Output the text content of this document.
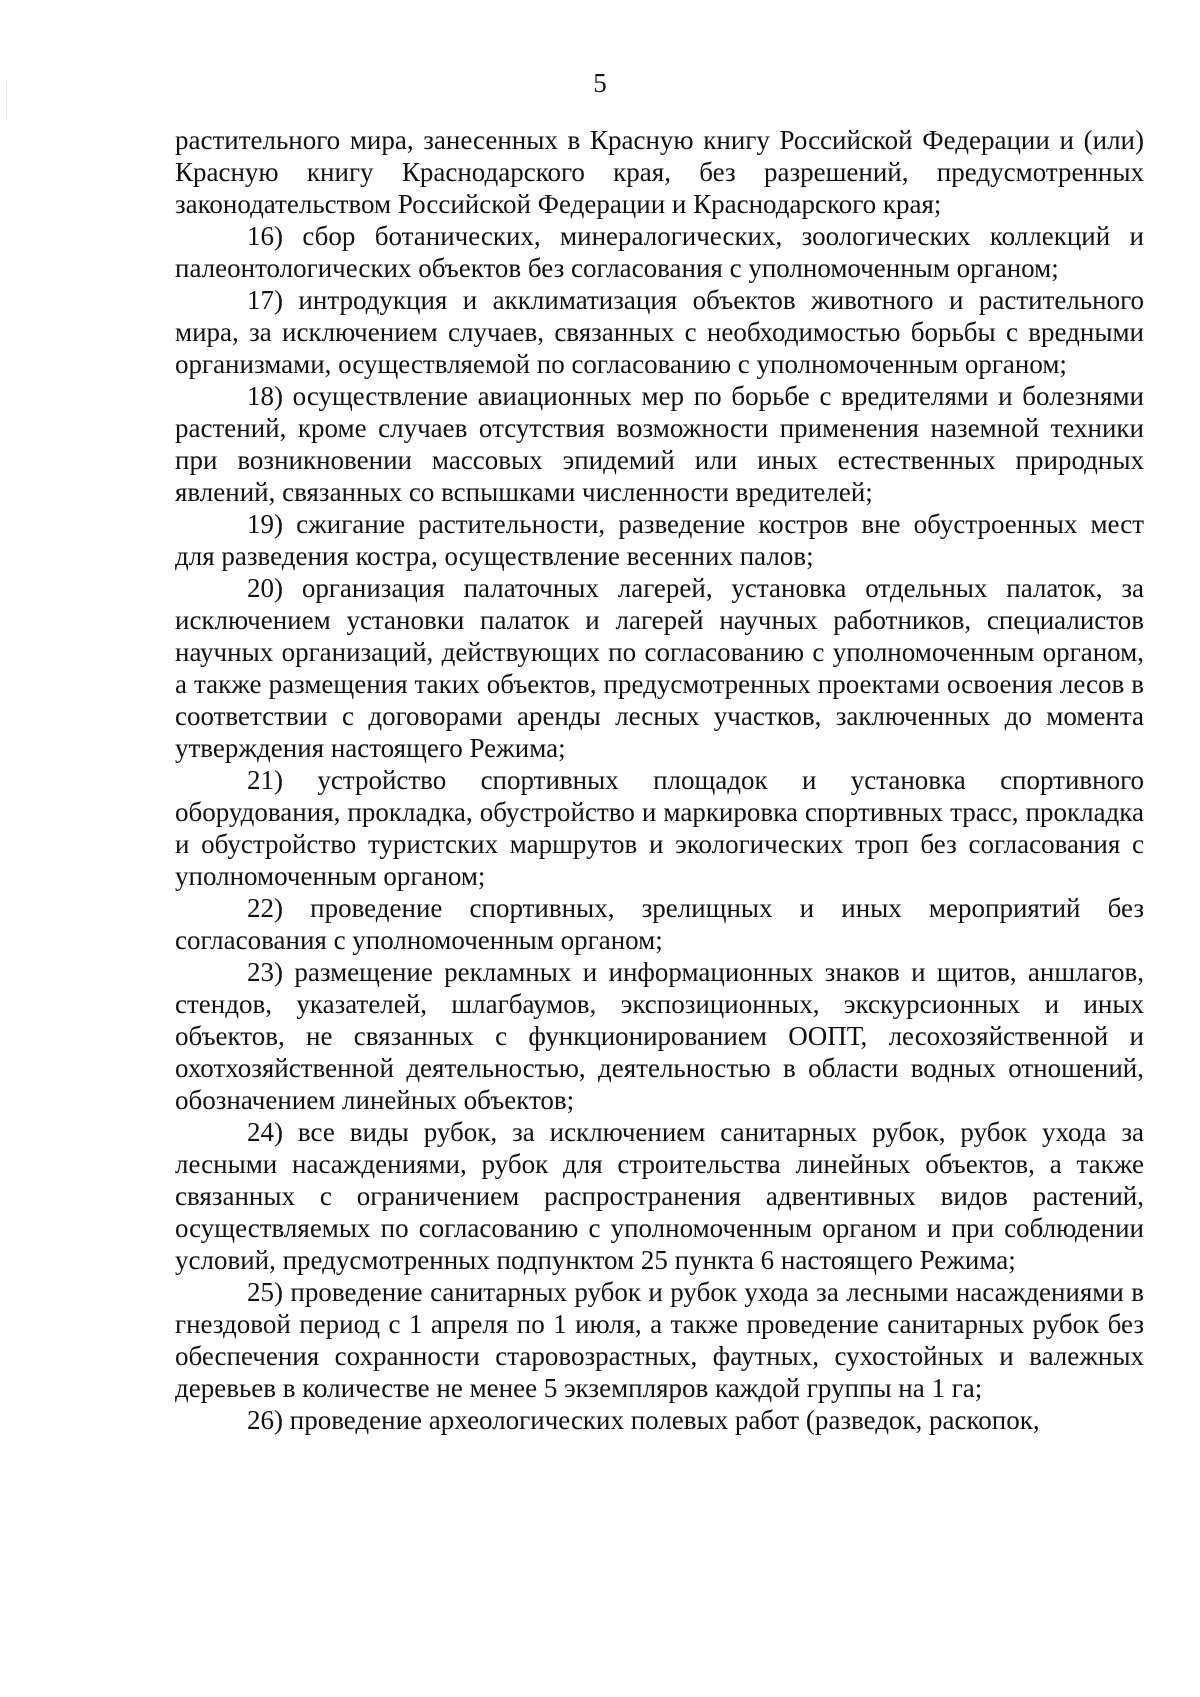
5

растительного мира, занесенных в Красную книгу Российской Федерации и (или) Красную книгу Краснодарского края, без разрешений, предусмотренных законодательством Российской Федерации и Краснодарского края;

16) сбор ботанических, минералогических, зоологических коллекций и палеонтологических объектов без согласования с уполномоченным органом;

17) интродукция и акклиматизация объектов животного и растительного мира, за исключением случаев, связанных с необходимостью борьбы с вредными организмами, осуществляемой по согласованию с уполномоченным органом;

18) осуществление авиационных мер по борьбе с вредителями и болезнями растений, кроме случаев отсутствия возможности применения наземной техники при возникновении массовых эпидемий или иных естественных природных явлений, связанных со вспышками численности вредителей;

19) сжигание растительности, разведение костров вне обустроенных мест для разведения костра, осуществление весенних палов;

20) организация палаточных лагерей, установка отдельных палаток, за исключением установки палаток и лагерей научных работников, специалистов научных организаций, действующих по согласованию с уполномоченным органом, а также размещения таких объектов, предусмотренных проектами освоения лесов в соответствии с договорами аренды лесных участков, заключенных до момента утверждения настоящего Режима;

21) устройство спортивных площадок и установка спортивного оборудования, прокладка, обустройство и маркировка спортивных трасс, прокладка и обустройство туристских маршрутов и экологических троп без согласования с уполномоченным органом;

22) проведение спортивных, зрелищных и иных мероприятий без согласования с уполномоченным органом;

23) размещение рекламных и информационных знаков и щитов, аншлагов, стендов, указателей, шлагбаумов, экспозиционных, экскурсионных и иных объектов, не связанных с функционированием ООПТ, лесохозяйственной и охотхозяйственной деятельностью, деятельностью в области водных отношений, обозначением линейных объектов;

24) все виды рубок, за исключением санитарных рубок, рубок ухода за лесными насаждениями, рубок для строительства линейных объектов, а также связанных с ограничением распространения адвентивных видов растений, осуществляемых по согласованию с уполномоченным органом и при соблюдении условий, предусмотренных подпунктом 25 пункта 6 настоящего Режима;

25) проведение санитарных рубок и рубок ухода за лесными насаждениями в гнездовой период с 1 апреля по 1 июля, а также проведение санитарных рубок без обеспечения сохранности старовозрастных, фаутных, сухостойных и валежных деревьев в количестве не менее 5 экземпляров каждой группы на 1 га;

26) проведение археологических полевых работ (разведок, раскопок,
